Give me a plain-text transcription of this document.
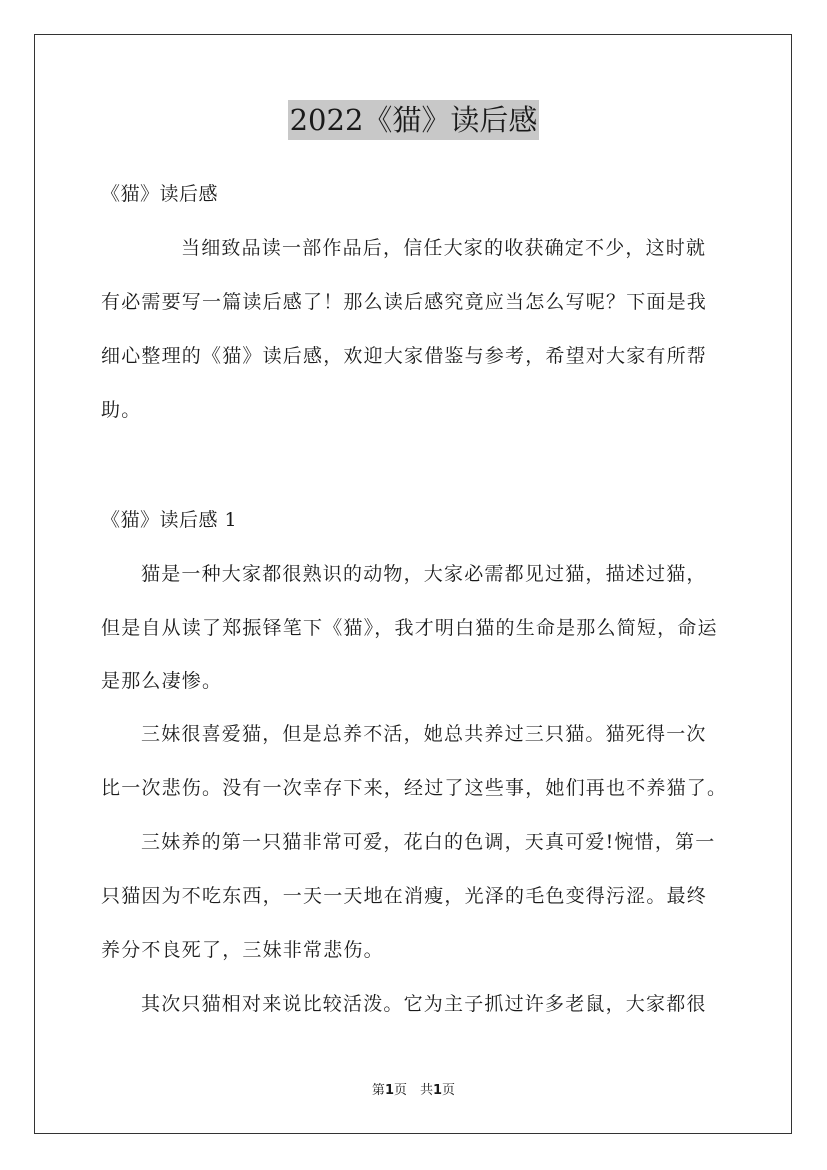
2022《猫》读后感
《猫》读后感
当细致品读一部作品后，信任大家的收获确定不少，这时就
有必需要写一篇读后感了！那么读后感究竟应当怎么写呢？下面是我
细心整理的《猫》读后感，欢迎大家借鉴与参考，希望对大家有所帮
助。
《猫》读后感 1
猫是一种大家都很熟识的动物，大家必需都见过猫，描述过猫，
但是自从读了郑振铎笔下《猫》，我才明白猫的生命是那么简短，命运
是那么凄惨。
三妹很喜爱猫，但是总养不活，她总共养过三只猫。猫死得一次
比一次悲伤。没有一次幸存下来，经过了这些事，她们再也不养猫了。
三妹养的第一只猫非常可爱，花白的色调，天真可爱!惋惜，第一
只猫因为不吃东西，一天一天地在消瘦，光泽的毛色变得污涩。最终
养分不良死了，三妹非常悲伤。
其次只猫相对来说比较活泼。它为主子抓过许多老鼠，大家都很
第1页　共1页
